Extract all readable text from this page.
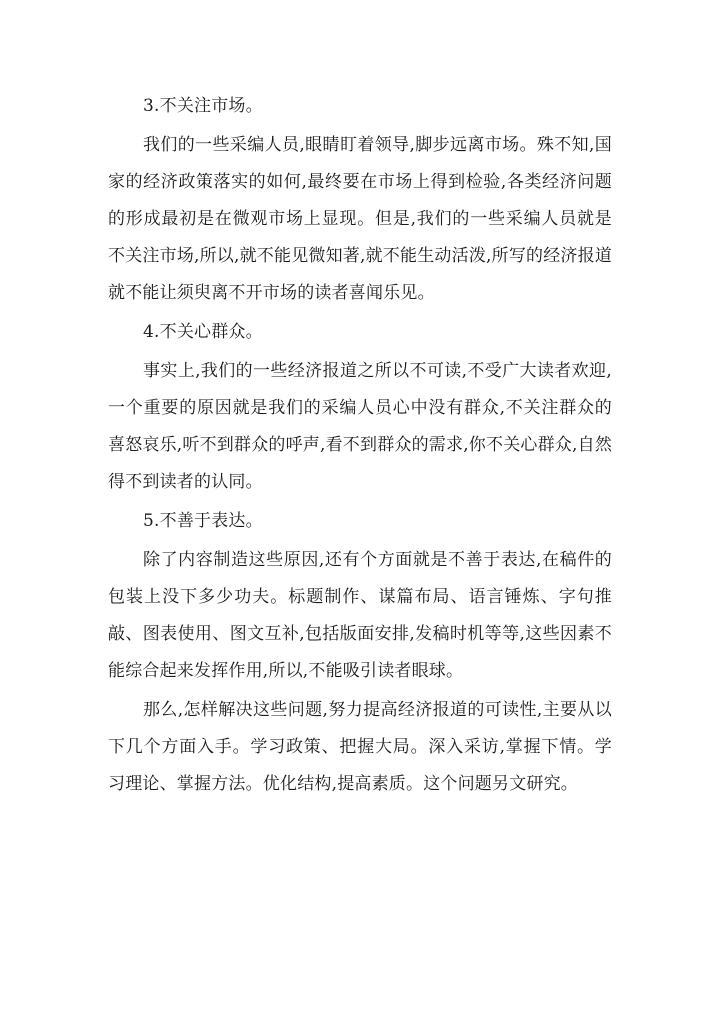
3.不关注市场。

我们的一些采编人员,眼睛盯着领导,脚步远离市场。殊不知,国家的经济政策落实的如何,最终要在市场上得到检验,各类经济问题的形成最初是在微观市场上显现。但是,我们的一些采编人员就是不关注市场,所以,就不能见微知著,就不能生动活泼,所写的经济报道就不能让须臾离不开市场的读者喜闻乐见。

4.不关心群众。

事实上,我们的一些经济报道之所以不可读,不受广大读者欢迎,一个重要的原因就是我们的采编人员心中没有群众,不关注群众的喜怒哀乐,听不到群众的呼声,看不到群众的需求,你不关心群众,自然得不到读者的认同。

5.不善于表达。

除了内容制造这些原因,还有个方面就是不善于表达,在稿件的包装上没下多少功夫。标题制作、谋篇布局、语言锤炼、字句推敲、图表使用、图文互补,包括版面安排,发稿时机等等,这些因素不能综合起来发挥作用,所以,不能吸引读者眼球。

那么,怎样解决这些问题,努力提高经济报道的可读性,主要从以下几个方面入手。学习政策、把握大局。深入采访,掌握下情。学习理论、掌握方法。优化结构,提高素质。这个问题另文研究。
